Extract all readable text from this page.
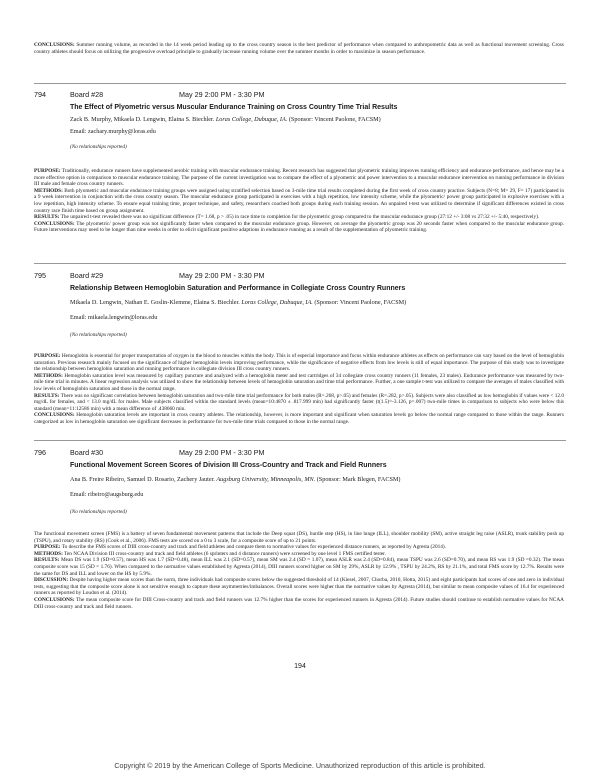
CONCLUSIONS: Summer running volume, as recorded in the 14 week period leading up to the cross country season is the best predictor of performance when compared to anthropometric data as well as functional movement screening. Cross country athletes should focus on utilizing the progressive overload principle to gradually increase running volume over the summer months in order to maximize in season performance.

794	Board #28	May 29 2:00 PM - 3:30 PM
The Effect of Plyometric versus Muscular Endurance Training on Cross Country Time Trial Results
Zack B. Murphy, Mikaela D. Lengwin, Elaina S. Biechler. Loras College, Dubuque, IA. (Sponsor: Vincent Paolone, FACSM)
Email: zachary.murphy@loras.edu
(No relationships reported)

PURPOSE: Traditionally, endurance runners have supplemented aerobic training with muscular endurance training. Recent research has suggested that plyometric training improves running efficiency and endurance performance, and hence may be a more effective option in comparison to muscular endurance training. The purpose of the current investigation was to compare the effect of a plyometric and power intervention to a muscular endurance intervention on running performance in division III male and female cross country runners.

METHODS: Both plyometric and muscular endurance training groups were assigned using stratified selection based on 3-mile time trial results completed during the first week of cross country practice. Subjects (N=8; M= 29, F= 17) participated in a 9 week intervention in conjunction with the cross country season. The muscular endurance group participated in exercises with a high repetition, low intensity scheme, while the plyometric/ power group participated in explosive exercises with a low repetition, high intensity scheme. To ensure equal training time, proper technique, and safety, researchers coached both groups during each training session. An unpaired t-test was utilized to determine if significant differences existed in cross country race finish time based on group assignment.

RESULTS: The unpaired t-test revealed there was no significant difference (T= 1.68, p > .05) in race time to completion for the plyometric group compared to the muscular endurance group (27:12 +/- 3:08 vs 27:32 +/- 5:40, respectively).

CONCLUSIONS: The plyometric/ power group was not significantly faster when compared to the muscular endurance group. However, on average the plyometric group was 20 seconds faster when compared to the muscular endurance group. Future interventions may need to be longer than nine weeks in order to elicit significant positive adaptions in endurance running as a result of the supplementation of plyometric training.

795	Board #29	May 29 2:00 PM - 3:30 PM
Relationship Between Hemoglobin Saturation and Performance in Collegiate Cross Country Runners
Mikaela D. Lengwin, Nathan E. Goslin-Klemme, Elaina S. Biechler. Loras College, Dubuque, IA. (Sponsor: Vincent Paolone, FACSM)
Email: mikaela.lengwin@loras.edu
(No relationships reported)

PURPOSE: Hemoglobin is essential for proper transportation of oxygen in the blood to muscles within the body. This is of especial importance and focus within endurance athletes as effects on performance can vary based on the level of hemoglobin saturation. Previous research mainly focused on the significance of higher hemoglobin levels improving performance, while the significance of negative effects from low levels is still of equal importance. The purpose of this study was to investigate the relationship between hemoglobin saturation and running performance in collegiate division III cross country runners.

METHODS: Hemoglobin saturation level was measured by capillary puncture and analyzed with a hemoglobin meter and test cartridges of 34 collegiate cross country runners (11 females, 23 males). Endurance performance was measured by two-mile time trial in minutes. A linear regression analysis was utilized to show the relationship between levels of hemoglobin saturation and time trial performance. Further, a one sample t-test was utilized to compare the averages of males classified with low levels of hemoglobin saturation and those in the normal range.

RESULTS: There was no significant correlation between hemoglobin saturation and two-mile time trial performance for both males (R=.268, p>.05) and females (R=.282, p>.05). Subjects were also classified as low hemoglobin if values were < 12.0 mg/dL for females, and < 13.0 mg/dL for males. Male subjects classified within the standard levels (mean=10:4870 ± .817.999 min) had significantly faster (t(1.5)=-3.126, p=.007) two-mile times in comparison to subjects who were below this standard (mean=11:12586 min) with a mean difference of .438660 min.

CONCLUSIONS: Hemoglobin saturation levels are important in cross country athletes. The relationship, however, is more important and significant when saturation levels go below the normal range compared to those within the range. Runners categorized as low in hemoglobin saturation see significant decreases in performance for two-mile time trials compared to those in the normal range.

796	Board #30	May 29 2:00 PM - 3:30 PM
Functional Movement Screen Scores of Division III Cross-Country and Track and Field Runners
Ana B. Freire Ribeiro, Samuel D. Rosario, Zachery Jauter. Augsburg University, Minneapolis, MN. (Sponsor: Mark Blegen, FACSM)
Email: ribeiro@augsburg.edu
(No relationships reported)

The functional movement screen (FMS) is a battery of seven fundamental movement patterns that include the Deep squat (DS), hurdle step (HS), in line lunge (ILL), shoulder mobility (SM), active straight leg raise (ASLR), trunk stability push up (TSPU), and rotary stability (RS) (Cook et al., 2006). FMS tests are scored on a 0 to 3 scale, for a composite score of up to 21 points.

PURPOSE: To describe the FMS scores of DIII cross-country and track and field athletes and compare them to normative values for experienced distance runners, as reported by Agresta (2014).

METHODS: Ten NCAA Division III cross-country and track and field athletes (6 sprinters and 4 distance runners) were screened by one level 1 FMS certified tester.

RESULTS: Mean DS was 1.9 (SD=0.57), mean HS was 1.7 (SD=0.48), mean ILL was 2.1 (SD=0.57), mean SM was 2.4 (SD = 1.07), mean ASLR was 2.4 (SD=0.84), mean TSPU was 2.6 (SD=0.70), and mean RS was 1.9 (SD =0.32). The mean composite score was 15 (SD = 1.76). When compared to the normative values established by Agresta (2014), DIII runners scored higher on SM by 29%, ASLR by 12.9% , TSPU by 24.2%, RS by 21.1%, and total FMS score by 12.7%. Results were the same for DS and ILL and lower on the HS by 5.9%.

DISCUSSION: Despite having higher mean scores than the norm, three individuals had composite scores below the suggested threshold of 14 (Kiesel, 2007, Chorba, 2010, Hotta, 2015) and eight participants had scores of one and zero in individual tests, suggesting that the composite score alone is not sensitive enough to capture these asymmetries/imbalances. Overall scores were higher than the normative values by Agresta (2014), but similar to mean composite values of 16.4 for experienced runners as reported by Loudon et al. (2014).

CONCLUSIONS: The mean composite score for DIII Cross-country and track and field runners was 12.7% higher than the scores for experienced runners in Agresta (2014). Future studies should continue to establish normative values for NCAA DIII cross-country and track and field runners.

194
Copyright © 2019 by the American College of Sports Medicine. Unauthorized reproduction of this article is prohibited.
